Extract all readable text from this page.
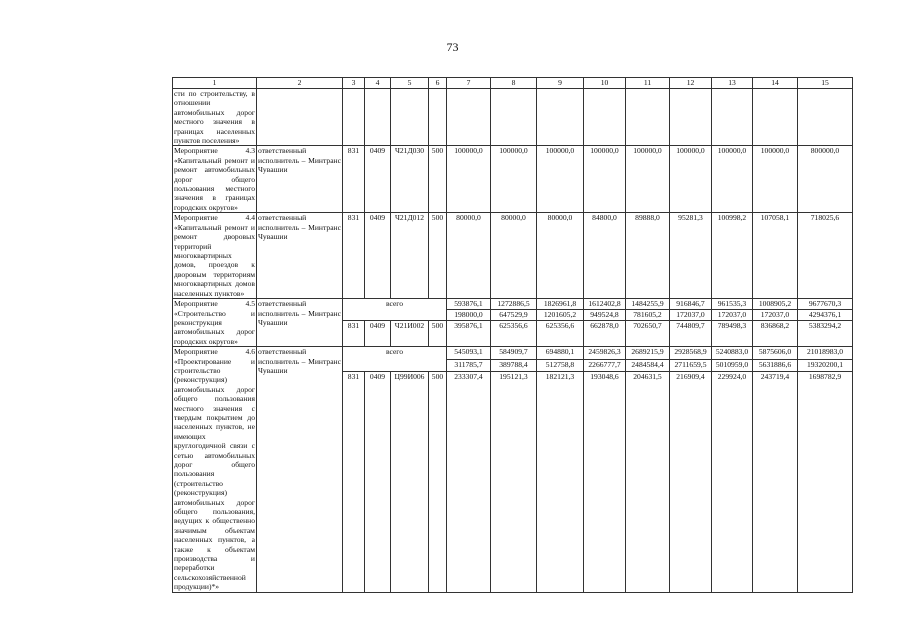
73
1	2	3	4	5	6	7	8	9	10	11	12	13	14	15
сти по строительству, в отношении автомобильных дорог местного значения в границах населенных пунктов поселения»														
Мероприятие 4.3 «Капитальный ремонт и ремонт автомобильных дорог общего пользования местного значения в границах городских округов»	ответственный исполнитель – Минтранс Чувашии	831	0409	Ч21Д030	500	100000,0	100000,0	100000,0	100000,0	100000,0	100000,0	100000,0	100000,0	800000,0
Мероприятие 4.4 «Капитальный ремонт и ремонт дворовых территорий многоквартирных домов, проездов к дворовым территориям многоквартирных домов населенных пунктов»	ответственный исполнитель – Минтранс Чувашии	831	0409	Ч21Д012	500	80000,0	80000,0	80000,0	84800,0	89888,0	95281,3	100998,2	107058,1	718025,6
Мероприятие 4.5 «Строительство и реконструкция автомобильных дорог городских округов»	ответственный исполнитель – Минтранс Чувашии	всего				593876,1	1272886,5	1826961,8	1612402,8	1484255,9	916846,7	961535,3	1008905,2	9677670,3
						198000,0	647529,9	1201605,2	949524,8	781605,2	172037,0	172037,0	172037,0	4294376,1
		831	0409	Ч21И002	500	395876,1	625356,6	625356,6	662878,0	702650,7	744809,7	789498,3	836868,2	5383294,2
Мероприятие 4.6 «Проектирование и строительство (реконструкция) автомобильных дорог общего пользования местного значения с твердым покрытием до населенных пунктов, не имеющих круглогодичной связи с сетью автомобильных дорог общего пользования (строительство (реконструкция) автомобильных дорог общего пользования, ведущих к общественно значимым объектам населенных пунктов, а также к объектам производства и переработки сельскохозяйственной продукции)*»	ответственный исполнитель – Минтранс Чувашии	всего				545093,1	584909,7	694880,1	2459826,3	2689215,9	2928568,9	5240883,0	5875606,0	21018983,0
						311785,7	389788,4	512758,8	2266777,7	2484584,4	2711659,5	5010959,0	5631886,6	19320200,1
		831	0409	Ц99И006	500	233307,4	195121,3	182121,3	193048,6	204631,5	216909,4	229924,0	243719,4	1698782,9
